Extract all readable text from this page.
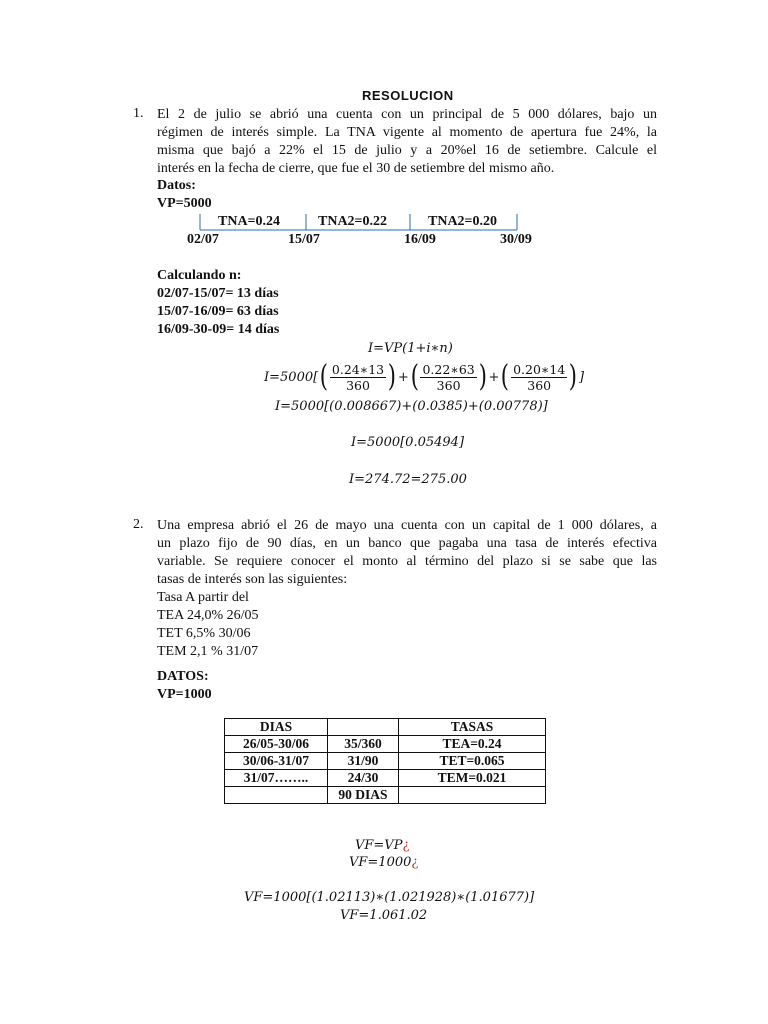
RESOLUCION
1. El 2 de julio se abrió una cuenta con un principal de 5 000 dólares, bajo un
régimen de interés simple. La TNA vigente al momento de apertura fue 24%, la
misma que bajó a 22% el 15 de julio y a 20%el 16 de setiembre. Calcule el
interés en la fecha de cierre, que fue el 30 de setiembre del mismo año.
Datos:
VP=5000
TNA=0.24	TNA2=0.22	TNA2=0.20
02/07	15/07	16/09	30/09
Calculando n:
02/07-15/07= 13 días
15/07-16/09= 63 días
16/09-30-09= 14 días
I=VP(1+i∗n)
I=5000[ ( $\frac{0.24∗13}{360}$ ) + ( $\frac{0.22∗63}{360}$ ) + ( $\frac{0.20∗14}{360}$ ) ]
I=5000[(0.008667)+(0.0385)+(0.00778)]
I=5000[0.05494]
I=274.72=275.00
2. Una empresa abrió el 26 de mayo una cuenta con un capital de 1 000 dólares, a
un plazo fijo de 90 días, en un banco que pagaba una tasa de interés efectiva
variable. Se requiere conocer el monto al término del plazo si se sabe que las
tasas de interés son las siguientes:
Tasa A partir del
TEA 24,0% 26/05
TET 6,5% 30/06
TEM 2,1 % 31/07
DATOS:
VP=1000
DIAS		TASAS
26/05-30/06	35/360	TEA=0.24
30/06-31/07	31/90	TET=0.065
31/07……..	24/30	TEM=0.021
	90 DIAS	
VF=VP¿
VF=1000¿
VF=1000[(1.02113)∗(1.021928)∗(1.01677)]
VF=1.061.02
